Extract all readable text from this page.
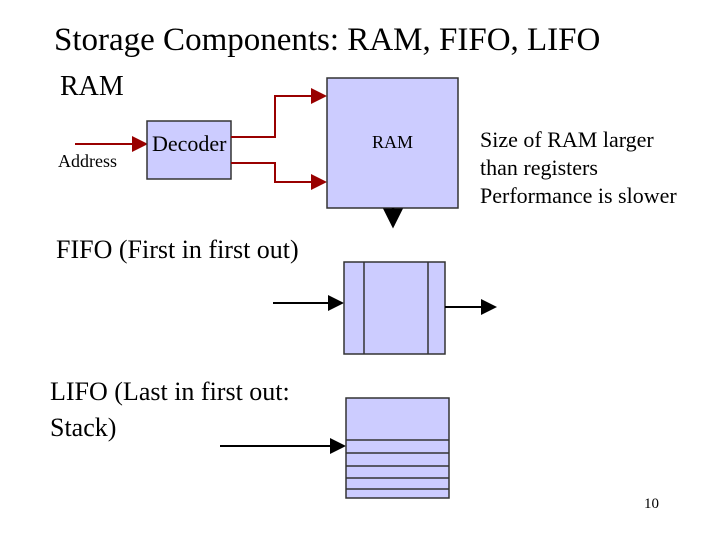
Storage Components: RAM, FIFO, LIFO
RAM
Address
Decoder	RAM	Size of RAM larger
than registers
Performance is slower
FIFO (First in first out)
LIFO (Last in first out:
Stack)
10
